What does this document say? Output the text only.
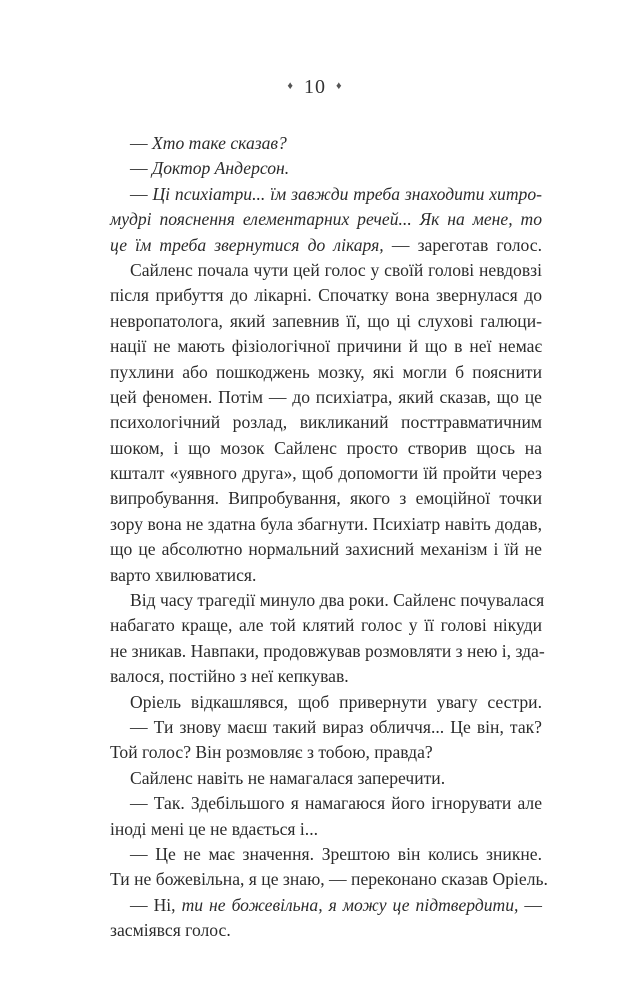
♦ 10 ♦
— Хто таке сказав?
— Доктор Андерсон.
— Ці психіатри... їм завжди треба знаходити хитро-
мудрі пояснення елементарних речей... Як на мене, то
це їм треба звернутися до лікаря, — зареготав голос.
Сайленс почала чути цей голос у своїй голові невдовзі
після прибуття до лікарні. Спочатку вона звернулася до
невропатолога, який запевнив її, що ці слухові галюци-
нації не мають фізіологічної причини й що в неї немає
пухлини або пошкоджень мозку, які могли б пояснити
цей феномен. Потім — до психіатра, який сказав, що це
психологічний розлад, викликаний посттравматичним
шоком, і що мозок Сайленс просто створив щось на
кшталт «уявного друга», щоб допомогти їй пройти через
випробування. Випробування, якого з емоційної точки
зору вона не здатна була збагнути. Психіатр навіть додав,
що це абсолютно нормальний захисний механізм і їй не
варто хвилюватися.
Від часу трагедії минуло два роки. Сайленс почувалася
набагато краще, але той клятий голос у її голові нікуди
не зникав. Навпаки, продовжував розмовляти з нею і, зда-
валося, постійно з неї кепкував.
Оріель відкашлявся, щоб привернути увагу сестри.
— Ти знову маєш такий вираз обличчя... Це він, так?
Той голос? Він розмовляє з тобою, правда?
Сайленс навіть не намагалася заперечити.
— Так. Здебільшого я намагаюся його ігнорувати але
іноді мені це не вдається і...
— Це не має значення. Зрештою він колись зникне.
Ти не божевільна, я це знаю, — переконано сказав Оріель.
— Ні, ти не божевільна, я можу це підтвердити, —
засміявся голос.
